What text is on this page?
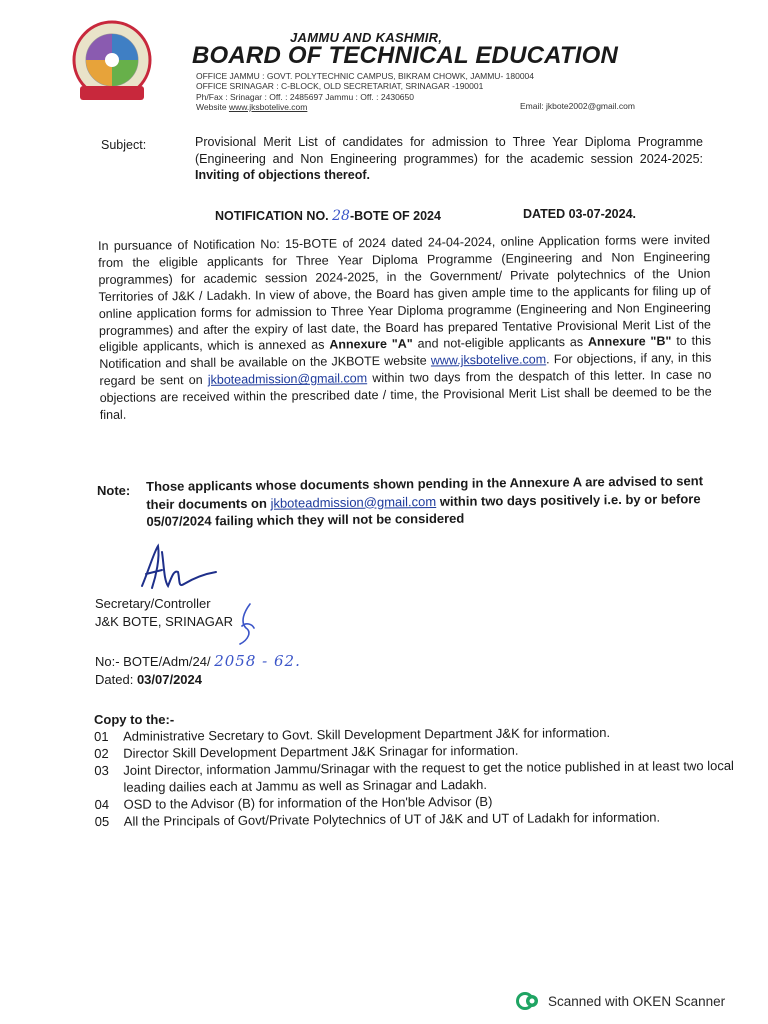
JAMMU AND KASHMIR,
BOARD OF TECHNICAL EDUCATION
OFFICE JAMMU : GOVT. POLYTECHNIC CAMPUS, BIKRAM CHOWK, JAMMU- 180004
OFFICE SRINAGAR : C-BLOCK, OLD SECRETARIAT, SRINAGAR -190001
Ph/Fax : Srinagar : Off. : 2485697 Jammu : Off. : 2430650
Website www.jksbotelive.com	Email: jkbote2002@gmail.com
Subject:	Provisional Merit List of candidates for admission to Three Year Diploma Programme (Engineering and Non Engineering programmes) for the academic session 2024-2025: Inviting of objections thereof.
NOTIFICATION NO. 28-BOTE OF 2024	DATED 03-07-2024.
In pursuance of Notification No: 15-BOTE of 2024 dated 24-04-2024, online Application forms were invited from the eligible applicants for Three Year Diploma Programme (Engineering and Non Engineering programmes) for academic session 2024-2025, in the Government/ Private polytechnics of the Union Territories of J&K / Ladakh. In view of above, the Board has given ample time to the applicants for filing up of online application forms for admission to Three Year Diploma programme (Engineering and Non Engineering programmes) and after the expiry of last date, the Board has prepared Tentative Provisional Merit List of the eligible applicants, which is annexed as Annexure "A" and not-eligible applicants as Annexure "B" to this Notification and shall be available on the JKBOTE website www.jksbotelive.com. For objections, if any, in this regard be sent on jkboteadmission@gmail.com within two days from the despatch of this letter. In case no objections are received within the prescribed date / time, the Provisional Merit List shall be deemed to be the final.
Note: Those applicants whose documents shown pending in the Annexure A are advised to sent their documents on jkboteadmission@gmail.com within two days positively i.e. by or before 05/07/2024 failing which they will not be considered
Secretary/Controller
J&K BOTE, SRINAGAR
No:- BOTE/Adm/24/ 2058 - 62.
Dated: 03/07/2024
Copy to the:-
01 Administrative Secretary to Govt. Skill Development Department J&K for information.
02 Director Skill Development Department J&K Srinagar for information.
03 Joint Director, information Jammu/Srinagar with the request to get the notice published in at least two local leading dailies each at Jammu as well as Srinagar and Ladakh.
04 OSD to the Advisor (B) for information of the Hon'ble Advisor (B)
05 All the Principals of Govt/Private Polytechnics of UT of J&K and UT of Ladakh for information.
Scanned with OKEN Scanner
